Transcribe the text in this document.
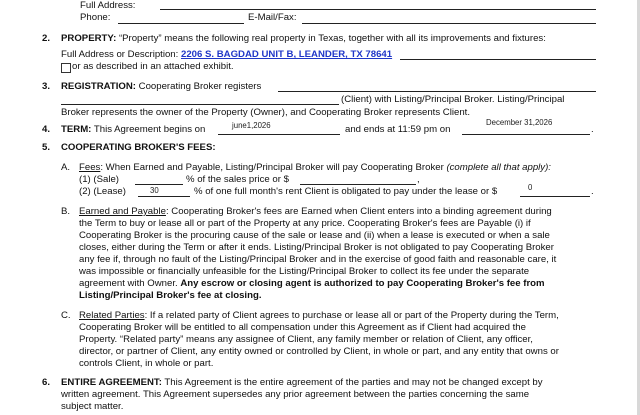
Full Address:
Phone:	E-Mail/Fax:
2. PROPERTY: “Property” means the following real property in Texas, together with all its improvements and fixtures:
Full Address or Description: 2206 S. BAGDAD UNIT B, LEANDER, TX 78641
or as described in an attached exhibit.
3. REGISTRATION: Cooperating Broker registers
(Client) with Listing/Principal Broker. Listing/Principal
Broker represents the owner of the Property (Owner), and Cooperating Broker represents Client.
4. TERM: This Agreement begins on	june1,2026	and ends at 11:59 pm on
December 31,2026
.
5. COOPERATING BROKER'S FEES:
A. Fees: When Earned and Payable, Listing/Principal Broker will pay Cooperating Broker (complete all that apply):
(1) (Sale)	% of the sales price or $	,
(2) (Lease)	30	% of one full month's rent Client is obligated to pay under the lease or $	0	.
B. Earned and Payable: Cooperating Broker's fees are Earned when Client enters into a binding agreement during
the Term to buy or lease all or part of the Property at any price. Cooperating Broker's fees are Payable (i) if
Cooperating Broker is the procuring cause of the sale or lease and (ii) when a lease is executed or when a sale
closes, either during the Term or after it ends. Listing/Principal Broker is not obligated to pay Cooperating Broker
any fee if, through no fault of the Listing/Principal Broker and in the exercise of good faith and reasonable care, it
was impossible or financially unfeasible for the Listing/Principal Broker to collect its fee under the separate
agreement with Owner. Any escrow or closing agent is authorized to pay Cooperating Broker's fee from
Listing/Principal Broker's fee at closing.
C. Related Parties: If a related party of Client agrees to purchase or lease all or part of the Property during the Term,
Cooperating Broker will be entitled to all compensation under this Agreement as if Client had acquired the
Property. “Related party” means any assignee of Client, any family member or relation of Client, any officer,
director, or partner of Client, any entity owned or controlled by Client, in whole or part, and any entity that owns or
controls Client, in whole or part.
6. ENTIRE AGREEMENT: This Agreement is the entire agreement of the parties and may not be changed except by
written agreement. This Agreement supersedes any prior agreement between the parties concerning the same
subject matter.
